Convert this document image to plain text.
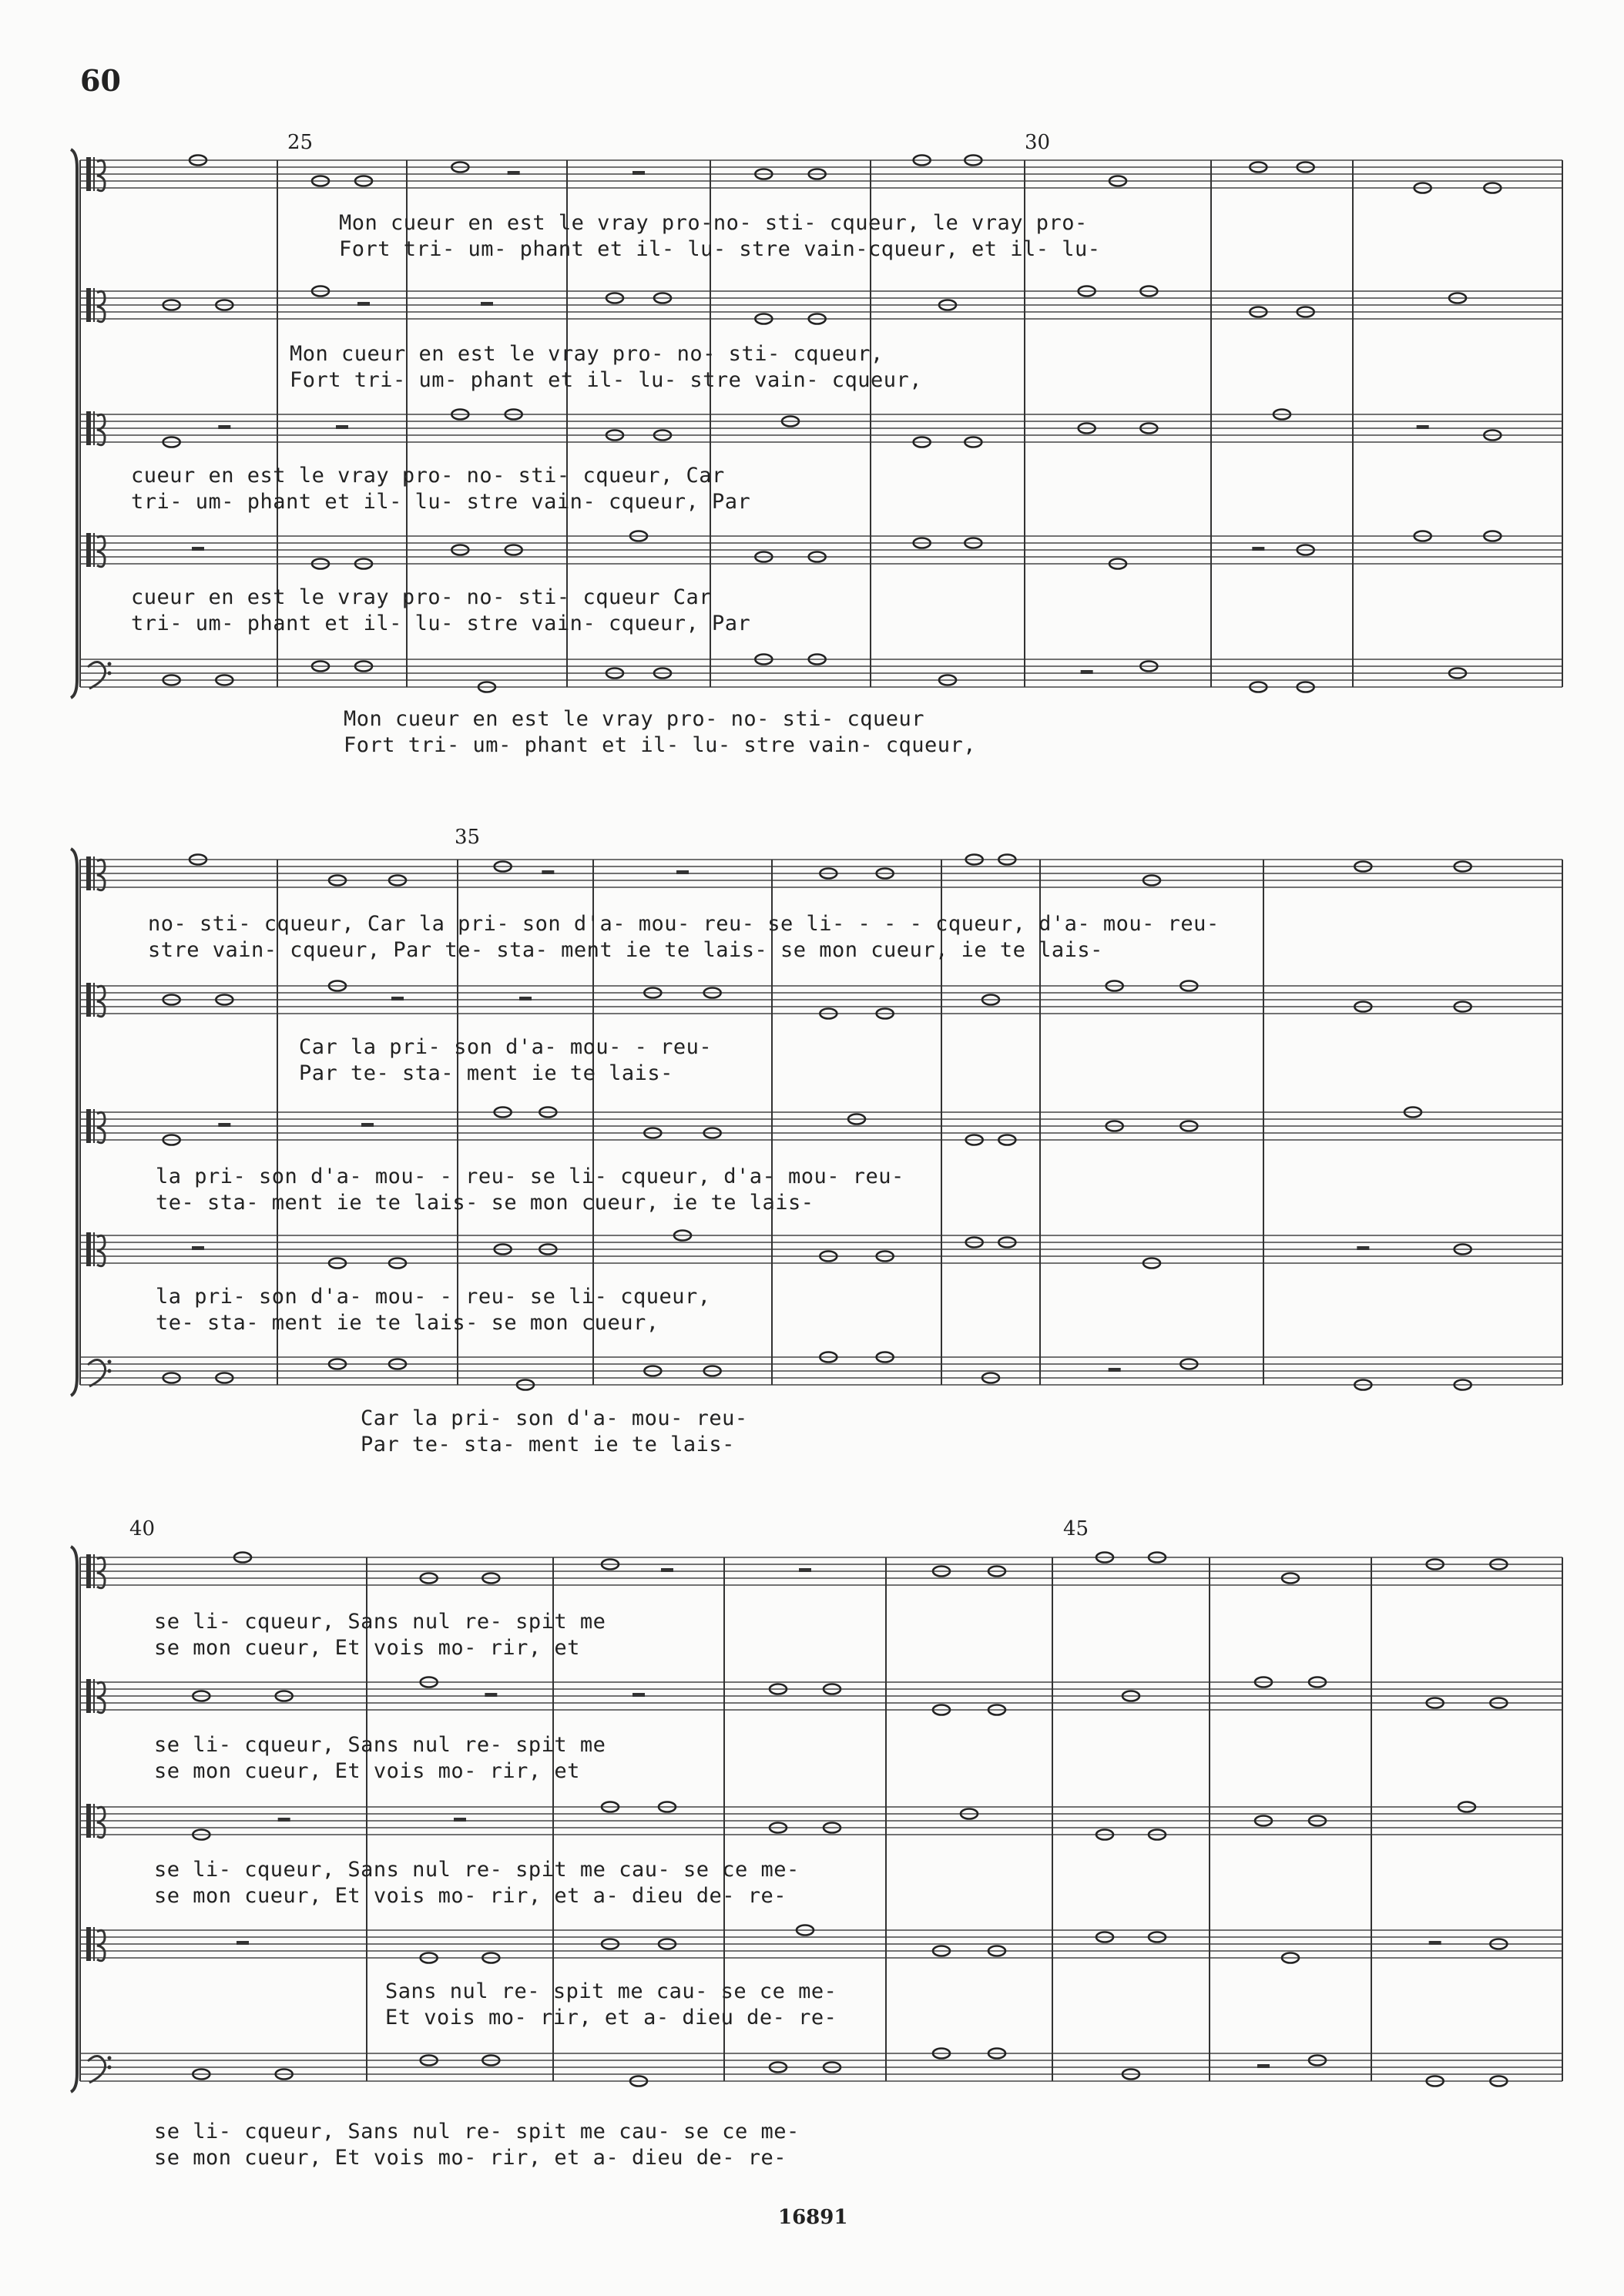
60
25	30
35
40	45
Mon cueur en est le vray pro-no- sti- cqueur, le vray pro-
Fort tri- um- phant et il- lu- stre vain-cqueur, et il- lu-
Mon cueur en est le vray pro- no- sti- cqueur,
Fort tri- um- phant et il- lu- stre vain- cqueur,
cueur en est le vray pro- no- sti- cqueur, Car
tri- um- phant et il- lu- stre vain- cqueur, Par
cueur en est le vray pro- no- sti- cqueur Car
tri- um- phant et il- lu- stre vain- cqueur, Par
Mon cueur en est le vray pro- no- sti- cqueur
Fort tri- um- phant et il- lu- stre vain- cqueur,
no- sti- cqueur, Car la pri- son d'a- mou- reu- se li- - - - cqueur, d'a- mou- reu-
stre vain- cqueur, Par te- sta- ment ie te lais- se mon cueur, ie te lais-
Car la pri- son d'a- mou- - reu-
Par te- sta- ment ie te lais-
la pri- son d'a- mou- - reu- se li- cqueur, d'a- mou- reu-
te- sta- ment ie te lais- se mon cueur, ie te lais-
la pri- son d'a- mou- - reu- se li- cqueur,
te- sta- ment ie te lais- se mon cueur,
Car la pri- son d'a- mou- reu-
Par te- sta- ment ie te lais-
se li- cqueur, Sans nul re- spit me
se mon cueur, Et vois mo- rir, et
se li- cqueur, Sans nul re- spit me
se mon cueur, Et vois mo- rir, et
se li- cqueur, Sans nul re- spit me cau- se ce me-
se mon cueur, Et vois mo- rir, et a- dieu de- re-
Sans nul re- spit me cau- se ce me-
Et vois mo- rir, et a- dieu de- re-
se li- cqueur, Sans nul re- spit me cau- se ce me-
se mon cueur, Et vois mo- rir, et a- dieu de- re-
16891
